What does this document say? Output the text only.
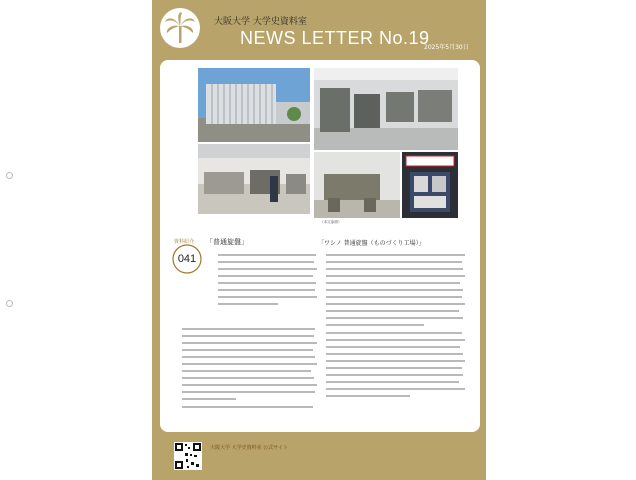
大阪大学 大学史資料室
NEWS LETTER No.19
2025年5月30日
（本文参照）
資料紹介
041
「普通旋盤」	「ワシノ 普通旋盤（ものづくり工場）」
大阪大学 大学史資料室 公式サイト
